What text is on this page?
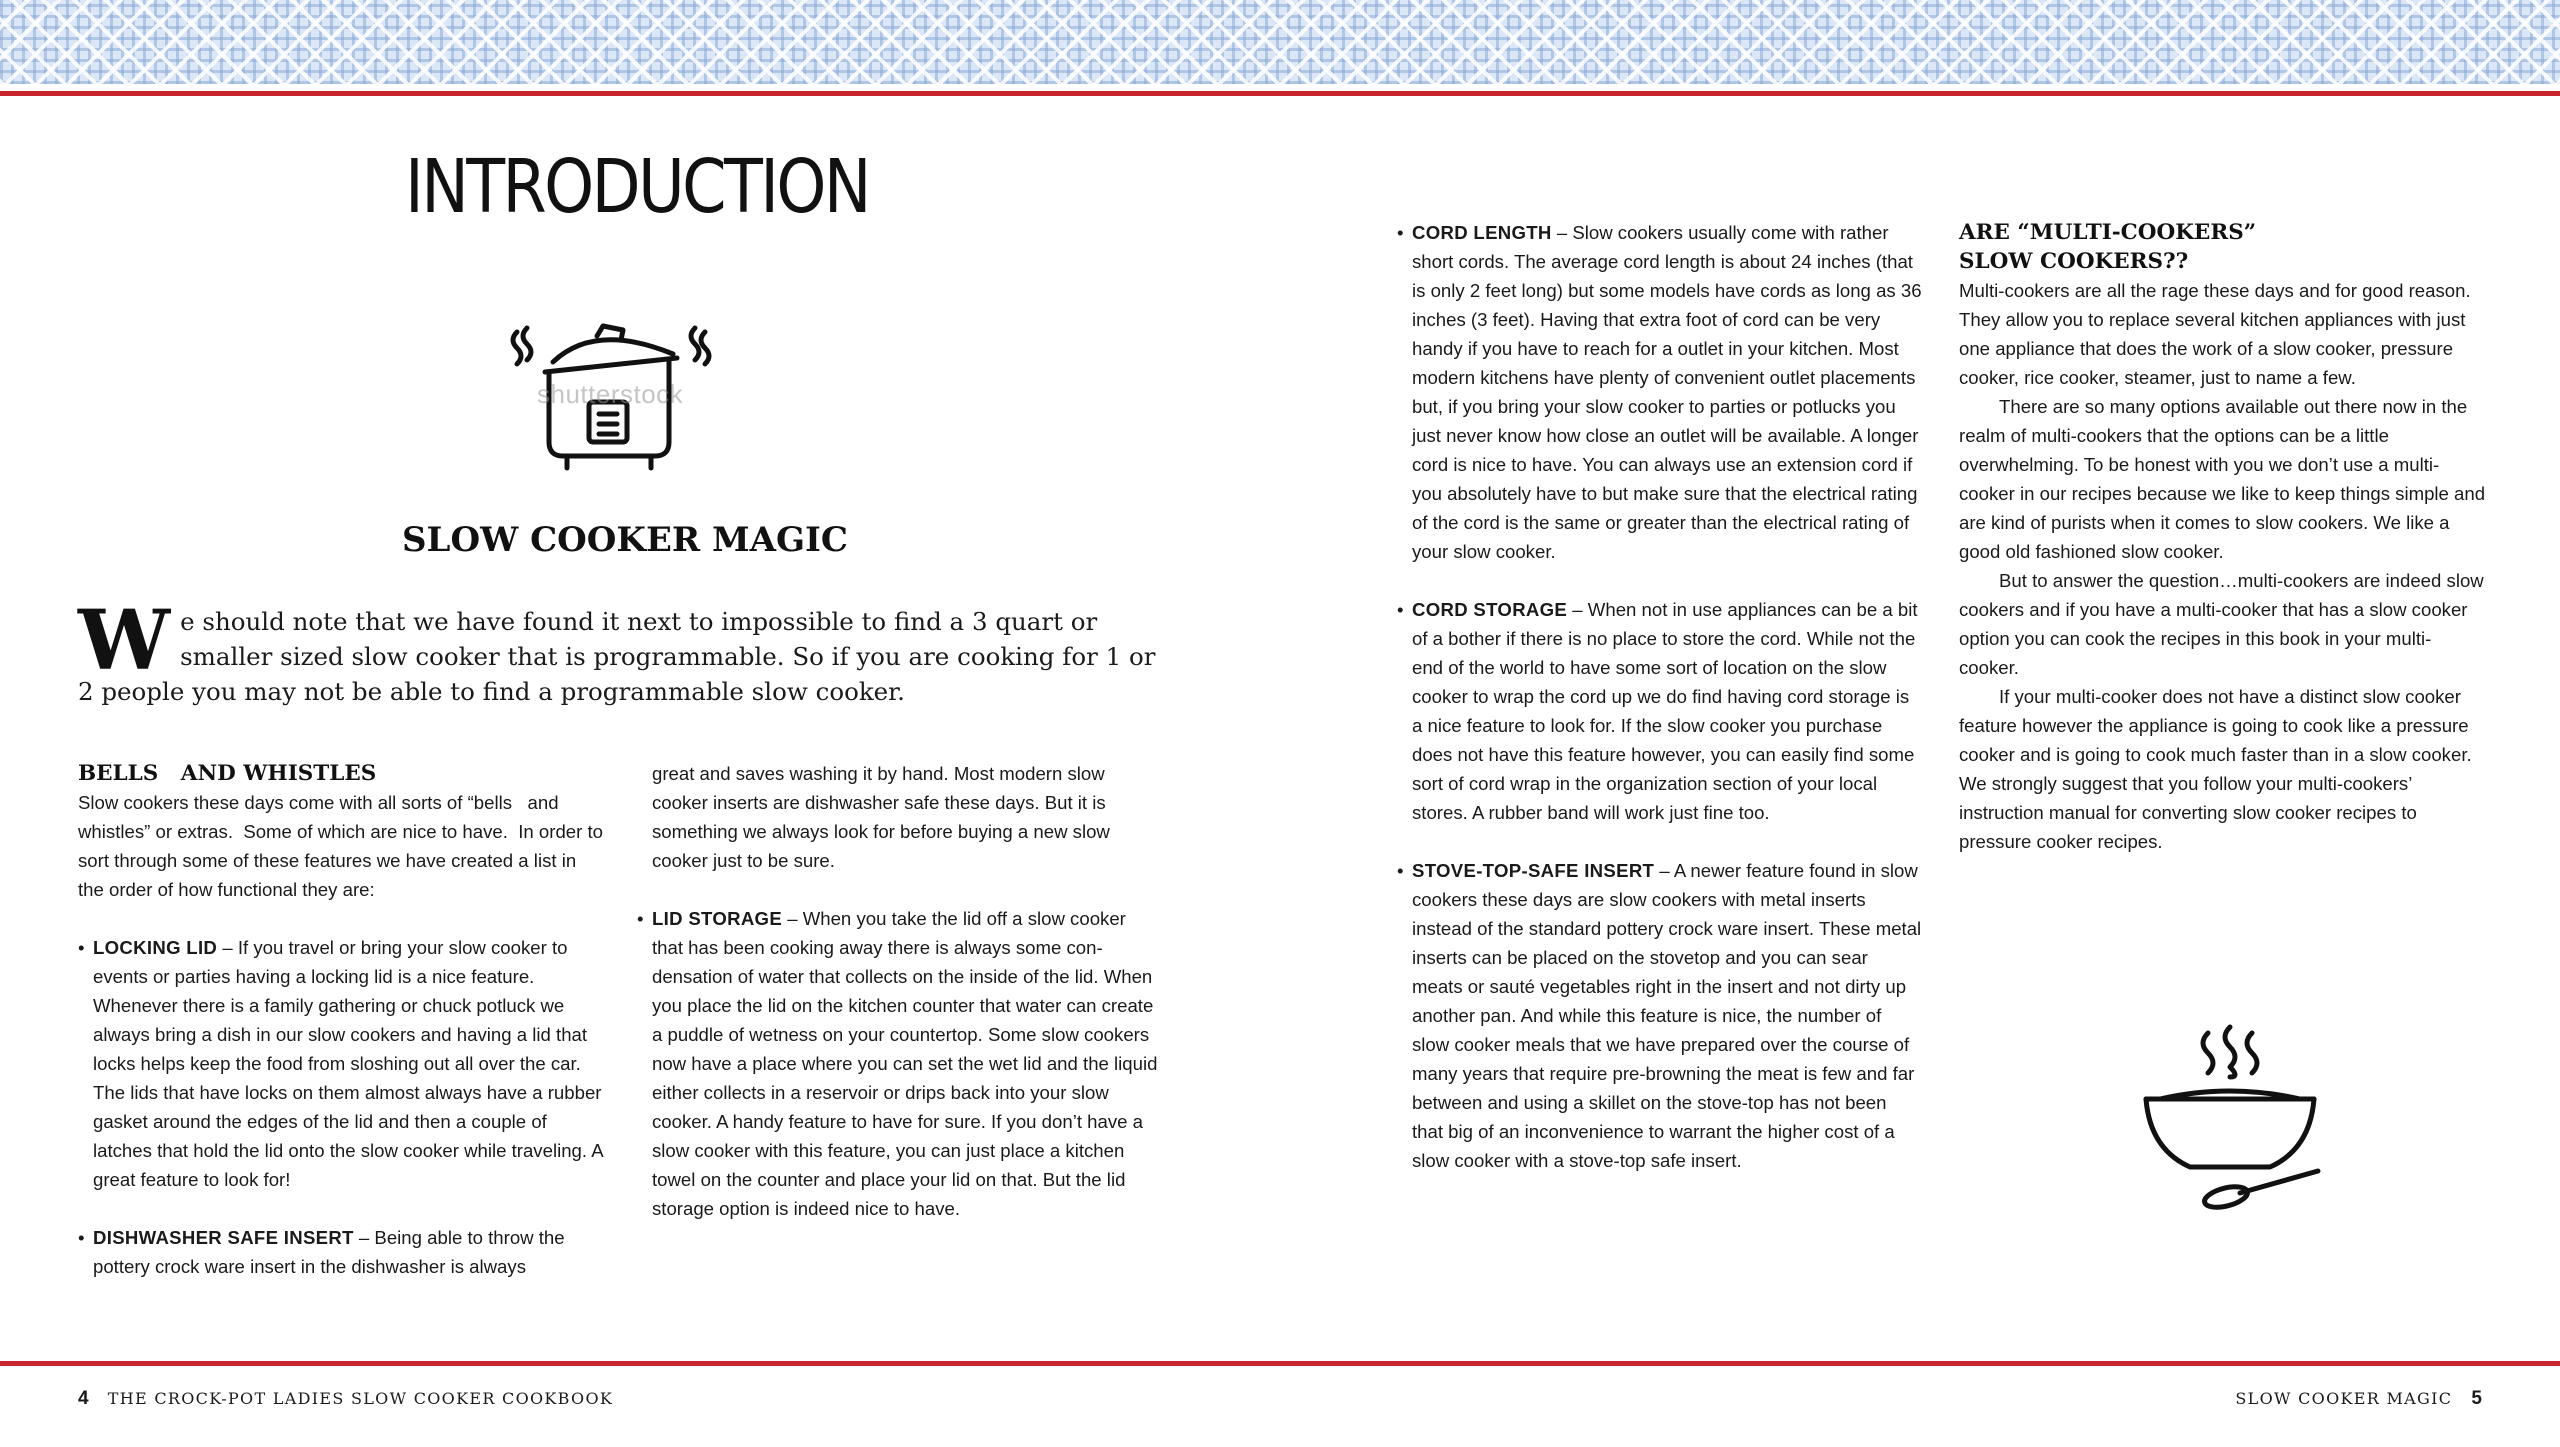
INTRODUCTION
shutterstock
SLOW COOKER MAGIC

We should note that we have found it next to impossible to find a 3 quart or smaller sized slow cooker that is programmable. So if you are cooking for 1 or 2 people you may not be able to find a programmable slow cooker.

BELLS   AND WHISTLES

Slow cookers these days come with all sorts of “bells   and whistles” or extras.  Some of which are nice to have.  In order to sort through some of these features we have created a list in the order of how functional they are:

• LOCKING LID – If you travel or bring your slow cooker to events or parties having a locking lid is a nice feature. Whenever there is a family gathering or chuck potluck we always bring a dish in our slow cookers and having a lid that locks helps keep the food from sloshing out all over the car. The lids that have locks on them almost always have a rubber gasket around the edges of the lid and then a couple of latches that hold the lid onto the slow cooker while traveling. A great feature to look for!

• DISHWASHER SAFE INSERT – Being able to throw the pottery crock ware insert in the dishwasher is always

great and saves washing it by hand. Most modern slow cooker inserts are dishwasher safe these days. But it is something we always look for before buying a new slow cooker just to be sure.

• LID STORAGE – When you take the lid off a slow cooker that has been cooking away there is always some condensation of water that collects on the inside of the lid. When you place the lid on the kitchen counter that water can create a puddle of wetness on your countertop. Some slow cookers now have a place where you can set the wet lid and the liquid either collects in a reservoir or drips back into your slow cooker. A handy feature to have for sure. If you don’t have a slow cooker with this feature, you can just place a kitchen towel on the counter and place your lid on that. But the lid storage option is indeed nice to have.

• CORD LENGTH – Slow cookers usually come with rather short cords. The average cord length is about 24 inches (that is only 2 feet long) but some models have cords as long as 36 inches (3 feet). Having that extra foot of cord can be very handy if you have to reach for a outlet in your kitchen. Most modern kitchens have plenty of convenient outlet placements but, if you bring your slow cooker to parties or potlucks you just never know how close an outlet will be available. A longer cord is nice to have. You can always use an extension cord if you absolutely have to but make sure that the electrical rating of the cord is the same or greater than the electrical rating of your slow cooker.

• CORD STORAGE – When not in use appliances can be a bit of a bother if there is no place to store the cord. While not the end of the world to have some sort of location on the slow cooker to wrap the cord up we do find having cord storage is a nice feature to look for. If the slow cooker you purchase does not have this feature however, you can easily find some sort of cord wrap in the organization section of your local stores. A rubber band will work just fine too.

• STOVE-TOP-SAFE INSERT – A newer feature found in slow cookers these days are slow cookers with metal inserts instead of the standard pottery crock ware insert. These metal inserts can be placed on the stovetop and you can sear meats or sauté vegetables right in the insert and not dirty up another pan. And while this feature is nice, the number of slow cooker meals that we have prepared over the course of many years that require pre-browning the meat is few and far between and using a skillet on the stove-top has not been that big of an inconvenience to warrant the higher cost of a slow cooker with a stove-top safe insert.

ARE “MULTI-COOKERS”

SLOW COOKERS??

Multi-cookers are all the rage these days and for good reason. They allow you to replace several kitchen appliances with just one appliance that does the work of a slow cooker, pressure cooker, rice cooker, steamer, just to name a few.

There are so many options available out there now in the realm of multi-cookers that the options can be a little overwhelming. To be honest with you we don’t use a multi-cooker in our recipes because we like to keep things simple and are kind of purists when it comes to slow cookers. We like a good old fashioned slow cooker.

But to answer the question…multi-cookers are indeed slow cookers and if you have a multi-cooker that has a slow cooker option you can cook the recipes in this book in your multi-cooker.

If your multi-cooker does not have a distinct slow cooker feature however the appliance is going to cook like a pressure cooker and is going to cook much faster than in a slow cooker. We strongly suggest that you follow your multi-cookers’ instruction manual for converting slow cooker recipes to pressure cooker recipes.

4 THE CROCK-POT LADIES SLOW COOKER COOKBOOK	SLOW COOKER MAGIC 5
